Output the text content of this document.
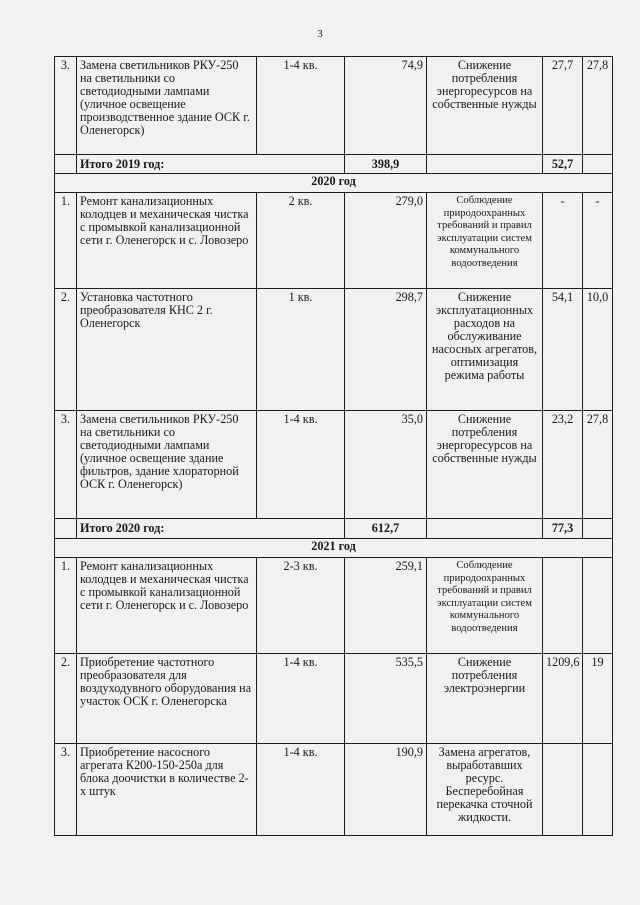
3
3.	Замена светильников РКУ-250 на светильники со светодиодными лампами (уличное освещение производственное здание ОСК г. Оленегорск)	1-4 кв.	74,9	Снижение потребления энергоресурсов на собственные нужды	27,7	27,8
	Итого 2019 год:		398,9		52,7	
2020 год						
1.	Ремонт канализационных колодцев и механическая чистка с промывкой канализационной сети г. Оленегорск и с. Ловозеро	2 кв.	279,0	Соблюдение природоохранных требований и правил эксплуатации систем коммунального водоотведения	-	-
2.	Установка частотного преобразователя КНС 2 г. Оленегорск	1 кв.	298,7	Снижение эксплуатационных расходов на обслуживание насосных агрегатов, оптимизация режима работы	54,1	10,0
3.	Замена светильников РКУ-250 на светильники со светодиодными лампами (уличное освещение здание фильтров, здание хлораторной ОСК г. Оленегорск)	1-4 кв.	35,0	Снижение потребления энергоресурсов на собственные нужды	23,2	27,8
	Итого 2020 год:		612,7		77,3	
2021 год						
1.	Ремонт канализационных колодцев и механическая чистка с промывкой канализационной сети г. Оленегорск и с. Ловозеро	2-3 кв.	259,1	Соблюдение природоохранных требований и правил эксплуатации систем коммунального водоотведения		
2.	Приобретение частотного преобразователя для воздуходувного оборудования на участок ОСК г. Оленегорска	1-4 кв.	535,5	Снижение потребления электроэнергии	1209,6	19
3.	Приобретение насосного агрегата К200-150-250а для блока доочистки в количестве 2-х штук	1-4 кв.	190,9	Замена агрегатов, выработавших ресурс. Бесперебойная перекачка сточной жидкости.		
